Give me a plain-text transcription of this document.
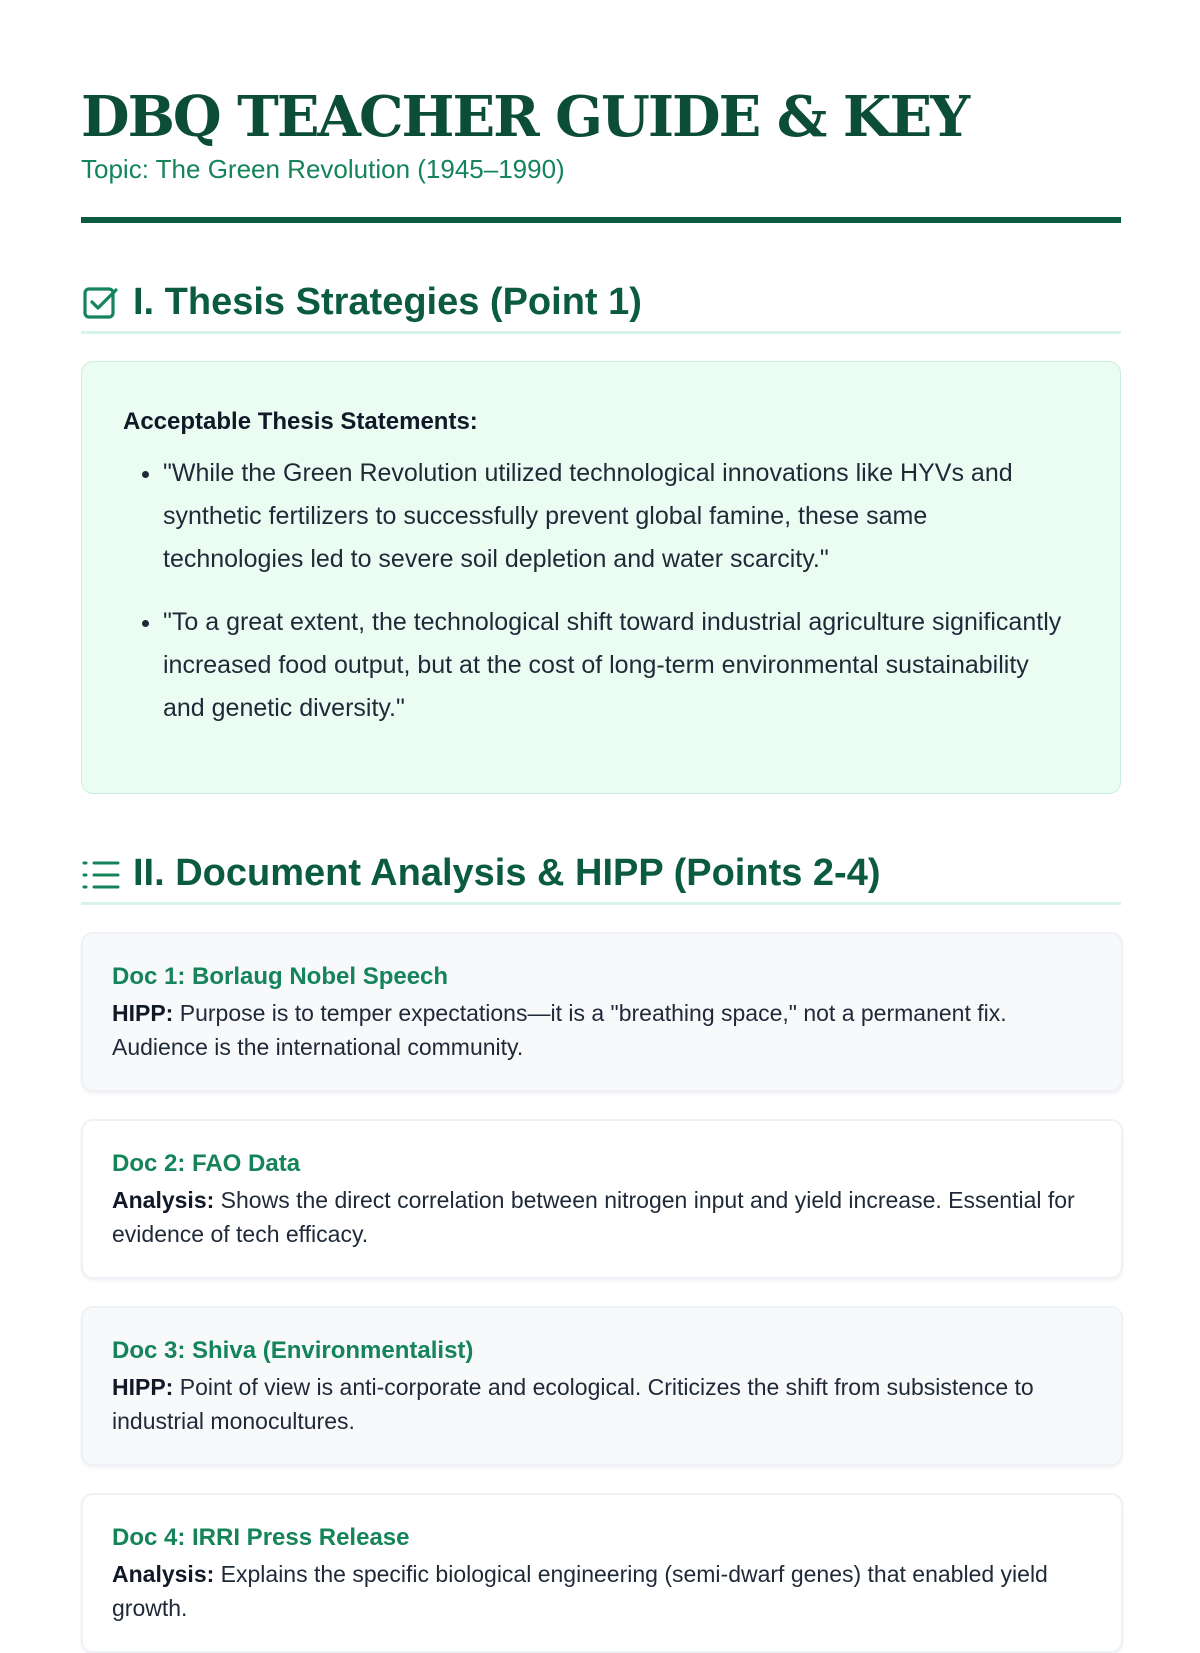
DBQ TEACHER GUIDE & KEY

Topic: The Green Revolution (1945–1990)

I. Thesis Strategies (Point 1)

Acceptable Thesis Statements:

• "While the Green Revolution utilized technological innovations like HYVs and synthetic fertilizers to successfully prevent global famine, these same technologies led to severe soil depletion and water scarcity."
• "To a great extent, the technological shift toward industrial agriculture significantly increased food output, but at the cost of long-term environmental sustainability and genetic diversity."
II. Document Analysis & HIPP (Points 2-4)

Doc 1: Borlaug Nobel Speech

HIPP: Purpose is to temper expectations—it is a "breathing space," not a permanent fix. Audience is the international community.

Doc 2: FAO Data

Analysis: Shows the direct correlation between nitrogen input and yield increase. Essential for evidence of tech efficacy.

Doc 3: Shiva (Environmentalist)

HIPP: Point of view is anti-corporate and ecological. Criticizes the shift from subsistence to industrial monocultures.

Doc 4: IRRI Press Release

Analysis: Explains the specific biological engineering (semi-dwarf genes) that enabled yield growth.
